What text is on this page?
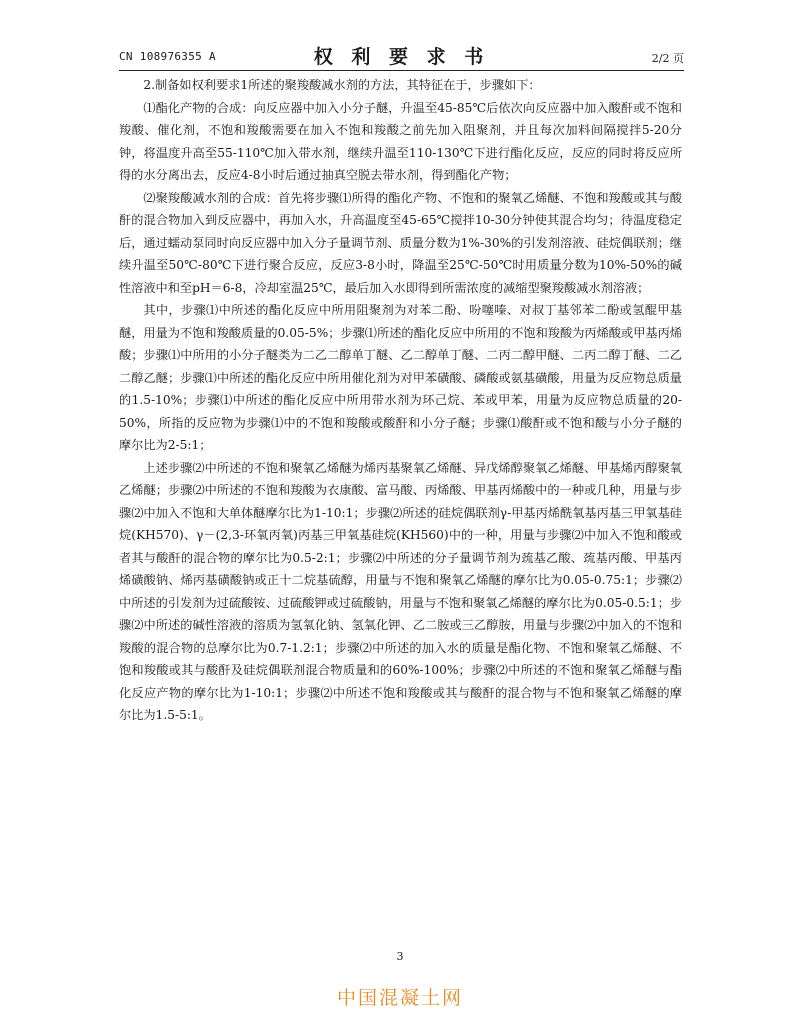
CN 108976355 A	权 利 要 求 书	2/2 页

2.制备如权利要求1所述的聚羧酸减水剂的方法，其特征在于，步骤如下：

⑴酯化产物的合成：向反应器中加入小分子醚，升温至45-85℃后依次向反应器中加入酸酐或不饱和羧酸、催化剂，不饱和羧酸需要在加入不饱和羧酸之前先加入阻聚剂，并且每次加料间隔搅拌5-20分钟，将温度升高至55-110℃加入带水剂，继续升温至110-130℃下进行酯化反应，反应的同时将反应所得的水分离出去，反应4-8小时后通过抽真空脱去带水剂，得到酯化产物；

⑵聚羧酸减水剂的合成：首先将步骤⑴所得的酯化产物、不饱和的聚氧乙烯醚、不饱和羧酸或其与酸酐的混合物加入到反应器中，再加入水，升高温度至45-65℃搅拌10-30分钟使其混合均匀；待温度稳定后，通过蠕动泵同时向反应器中加入分子量调节剂、质量分数为1%-30%的引发剂溶液、硅烷偶联剂；继续升温至50℃-80℃下进行聚合反应，反应3-8小时，降温至25℃-50℃时用质量分数为10%-50%的碱性溶液中和至pH＝6-8，冷却室温25℃，最后加入水即得到所需浓度的减缩型聚羧酸减水剂溶液；

其中，步骤⑴中所述的酯化反应中所用阻聚剂为对苯二酚、吩噻嗪、对叔丁基邻苯二酚或氢醌甲基醚，用量为不饱和羧酸质量的0.05-5%；步骤⑴所述的酯化反应中所用的不饱和羧酸为丙烯酸或甲基丙烯酸；步骤⑴中所用的小分子醚类为二乙二醇单丁醚、乙二醇单丁醚、二丙二醇甲醚、二丙二醇丁醚、二乙二醇乙醚；步骤⑴中所述的酯化反应中所用催化剂为对甲苯磺酸、磷酸或氨基磺酸，用量为反应物总质量的1.5-10%；步骤⑴中所述的酯化反应中所用带水剂为环己烷、苯或甲苯，用量为反应物总质量的20-50%，所指的反应物为步骤⑴中的不饱和羧酸或酸酐和小分子醚；步骤⑴酸酐或不饱和酸与小分子醚的摩尔比为2-5:1；

上述步骤⑵中所述的不饱和聚氧乙烯醚为烯丙基聚氧乙烯醚、异戊烯醇聚氧乙烯醚、甲基烯丙醇聚氧乙烯醚；步骤⑵中所述的不饱和羧酸为衣康酸、富马酸、丙烯酸、甲基丙烯酸中的一种或几种，用量与步骤⑵中加入不饱和大单体醚摩尔比为1-10:1；步骤⑵所述的硅烷偶联剂γ-甲基丙烯酰氧基丙基三甲氧基硅烷(KH570)、γ－(2,3-环氧丙氧)丙基三甲氧基硅烷(KH560)中的一种，用量与步骤⑵中加入不饱和酸或者其与酸酐的混合物的摩尔比为0.5-2:1；步骤⑵中所述的分子量调节剂为巯基乙酸、巯基丙酸、甲基丙烯磺酸钠、烯丙基磺酸钠或正十二烷基硫醇，用量与不饱和聚氧乙烯醚的摩尔比为0.05-0.75:1；步骤⑵中所述的引发剂为过硫酸铵、过硫酸钾或过硫酸钠，用量与不饱和聚氧乙烯醚的摩尔比为0.05-0.5:1；步骤⑵中所述的碱性溶液的溶质为氢氧化钠、氢氧化钾、乙二胺或三乙醇胺，用量与步骤⑵中加入的不饱和羧酸的混合物的总摩尔比为0.7-1.2:1；步骤⑵中所述的加入水的质量是酯化物、不饱和聚氧乙烯醚、不饱和羧酸或其与酸酐及硅烷偶联剂混合物质量和的60%-100%；步骤⑵中所述的不饱和聚氧乙烯醚与酯化反应产物的摩尔比为1-10:1；步骤⑵中所述不饱和羧酸或其与酸酐的混合物与不饱和聚氧乙烯醚的摩尔比为1.5-5:1。

3
中国混凝土网
